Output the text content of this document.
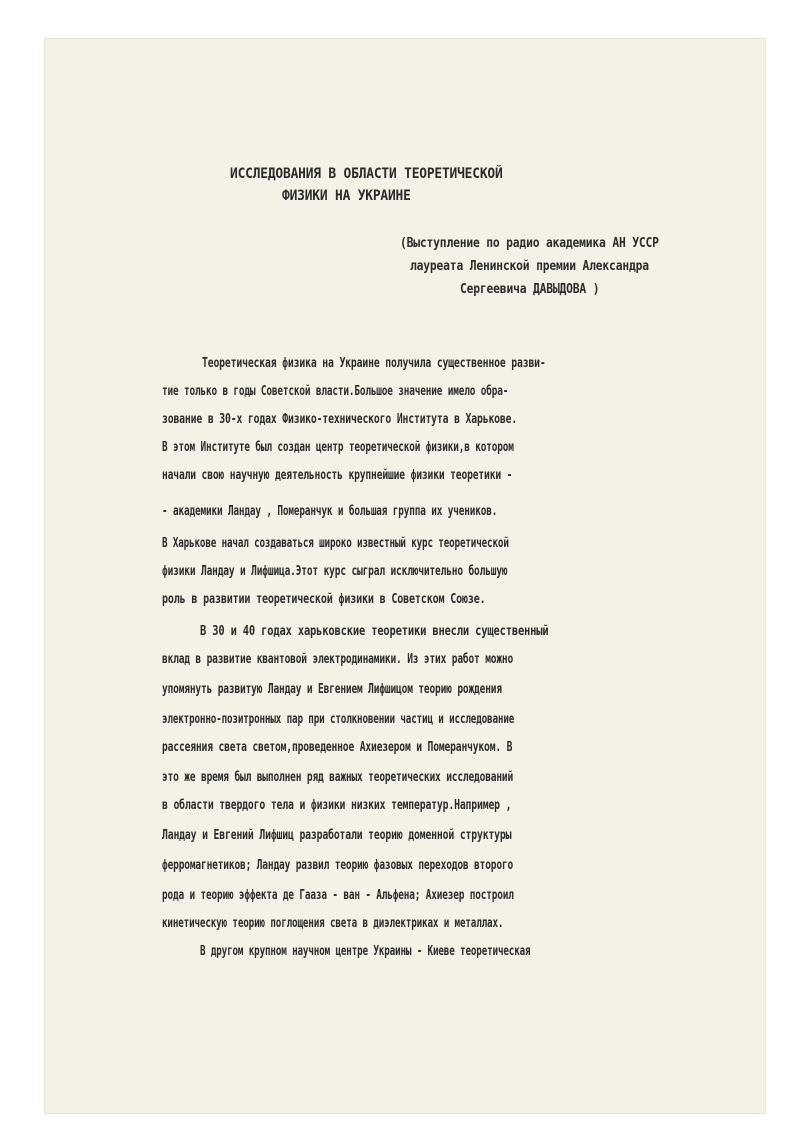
ИССЛЕДОВАНИЯ В ОБЛАСТИ ТЕОРЕТИЧЕСКОЙ
ФИЗИКИ НА УКРАИНЕ
(Выступление по радио академика АН УССР
лауреата Ленинской премии Александра
Сергеевича ДАВЫДОВА )
Теоретическая физика на Украине получила существенное разви-
тие только в годы Советской власти.Большое значение имело обра-
зование в 30-х годах Физико-технического Института в Харькове.
В этом Институте был создан центр теоретической физики,в котором
начали свою научную деятельность крупнейшие физики теоретики -
- академики Ландау , Померанчук и большая группа их учеников.
В Харькове начал создаваться широко известный курс теоретической
физики Ландау и Лифшица.Этот курс сыграл исключительно большую
роль в развитии теоретической физики в Советском Союзе.
В 30 и 40 годах харьковские теоретики внесли существенный
вклад в развитие квантовой электродинамики. Из этих работ можно
упомянуть развитую Ландау и Евгением Лифшицом теорию рождения
электронно-позитронных пар при столкновении частиц и исследование
рассеяния света светом,проведенное Ахиезером и Померанчуком. В
это же время был выполнен ряд важных теоретических исследований
в области твердого тела и физики низких температур.Например ,
Ландау и Евгений Лифшиц разработали теорию доменной структуры
ферромагнетиков; Ландау развил теорию фазовых переходов второго
рода и теорию эффекта де Гааза - ван - Альфена; Ахиезер построил
кинетическую теорию поглощения света в диэлектриках и металлах.
В другом крупном научном центре Украины - Киеве теоретическая
